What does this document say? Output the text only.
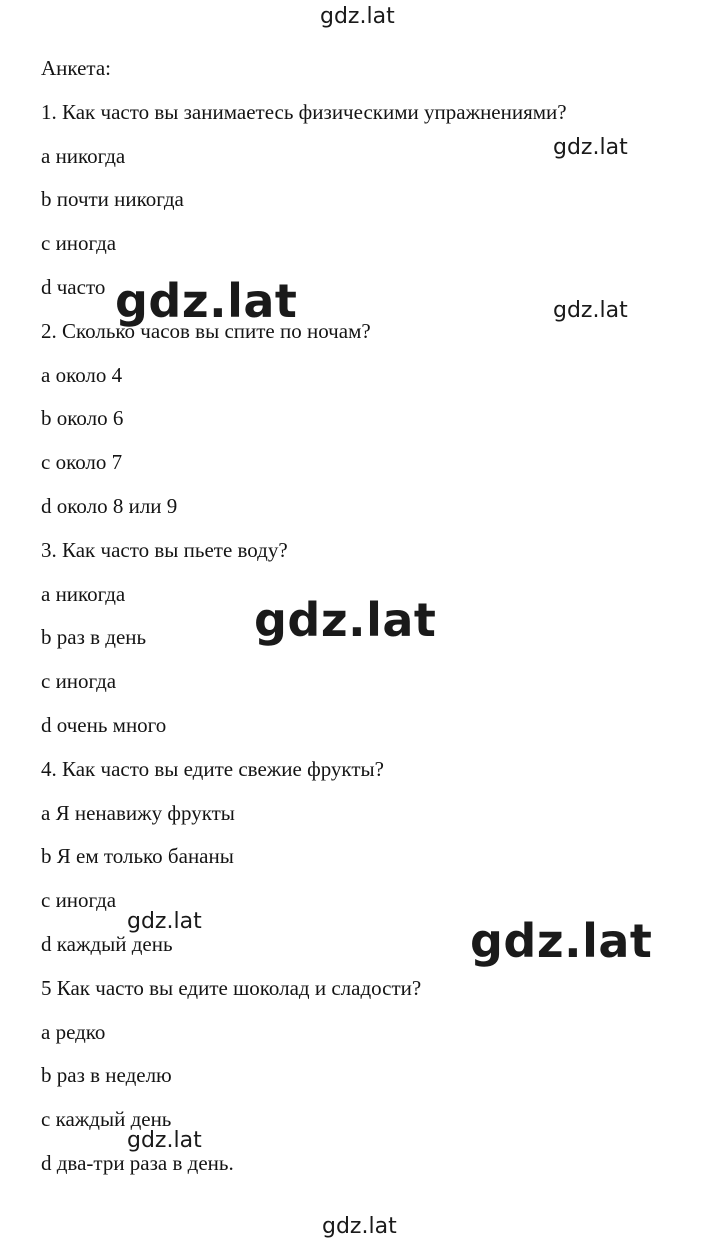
Анкета:
1. Как часто вы занимаетесь физическими упражнениями?
a никогда
b почти никогда
c иногда
d часто
2. Сколько часов вы спите по ночам?
a около 4
b около 6
c около 7
d около 8 или 9
3. Как часто вы пьете воду?
a никогда
b раз в день
c иногда
d очень много
4. Как часто вы едите свежие фрукты?
a Я ненавижу фрукты
b Я ем только бананы
c иногда
d каждый день
5 Как часто вы едите шоколад и сладости?
a редко
b раз в неделю
c каждый день
d два-три раза в день.
gdz.lat
gdz.lat
gdz.lat	gdz.lat
gdz.lat
gdz.lat	gdz.lat
gdz.lat
gdz.lat
